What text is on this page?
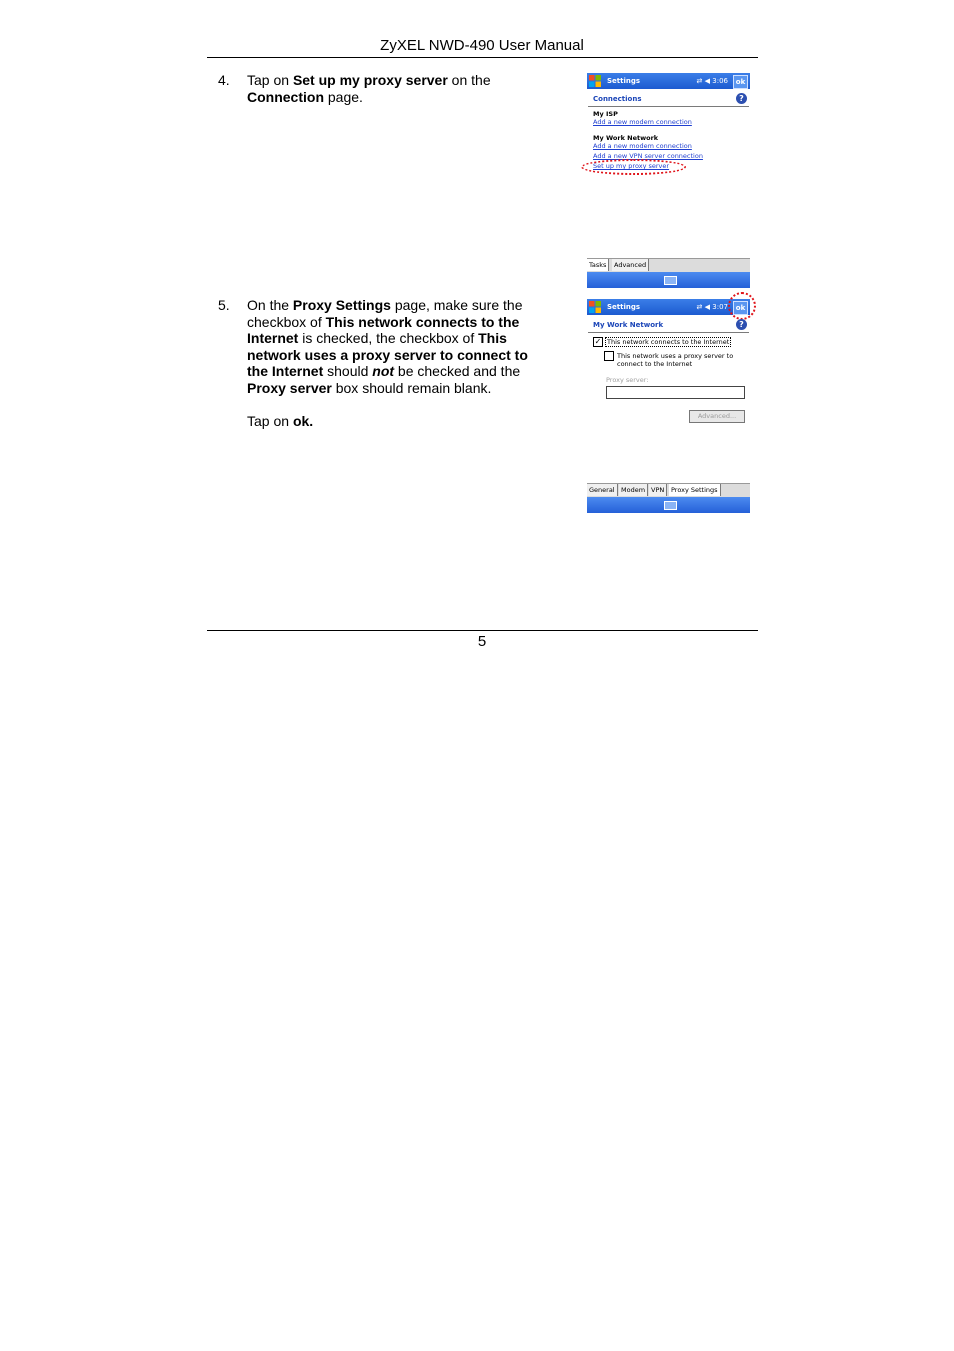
ZyXEL NWD-490 User Manual
4. Tap on Set up my proxy server on the Connection page.
Settings	⇄ ◀ 3:06	ok
Connections	?
My ISP
Add a new modem connection
My Work Network
Add a new modem connection
Add a new VPN server connection
Set up my proxy server
Tasks	Advanced
5. On the Proxy Settings page, make sure the checkbox of This network connects to the Internet is checked, the checkbox of This network uses a proxy server to connect to the Internet should not be checked and the Proxy server box should remain blank.
Tap on ok.
Settings	⇄ ◀ 3:07	ok
My Work Network	?
✓ This network connects to the Internet
This network uses a proxy server to
connect to the Internet
Proxy server:
Advanced...
General Modem VPN	Proxy Settings
5
